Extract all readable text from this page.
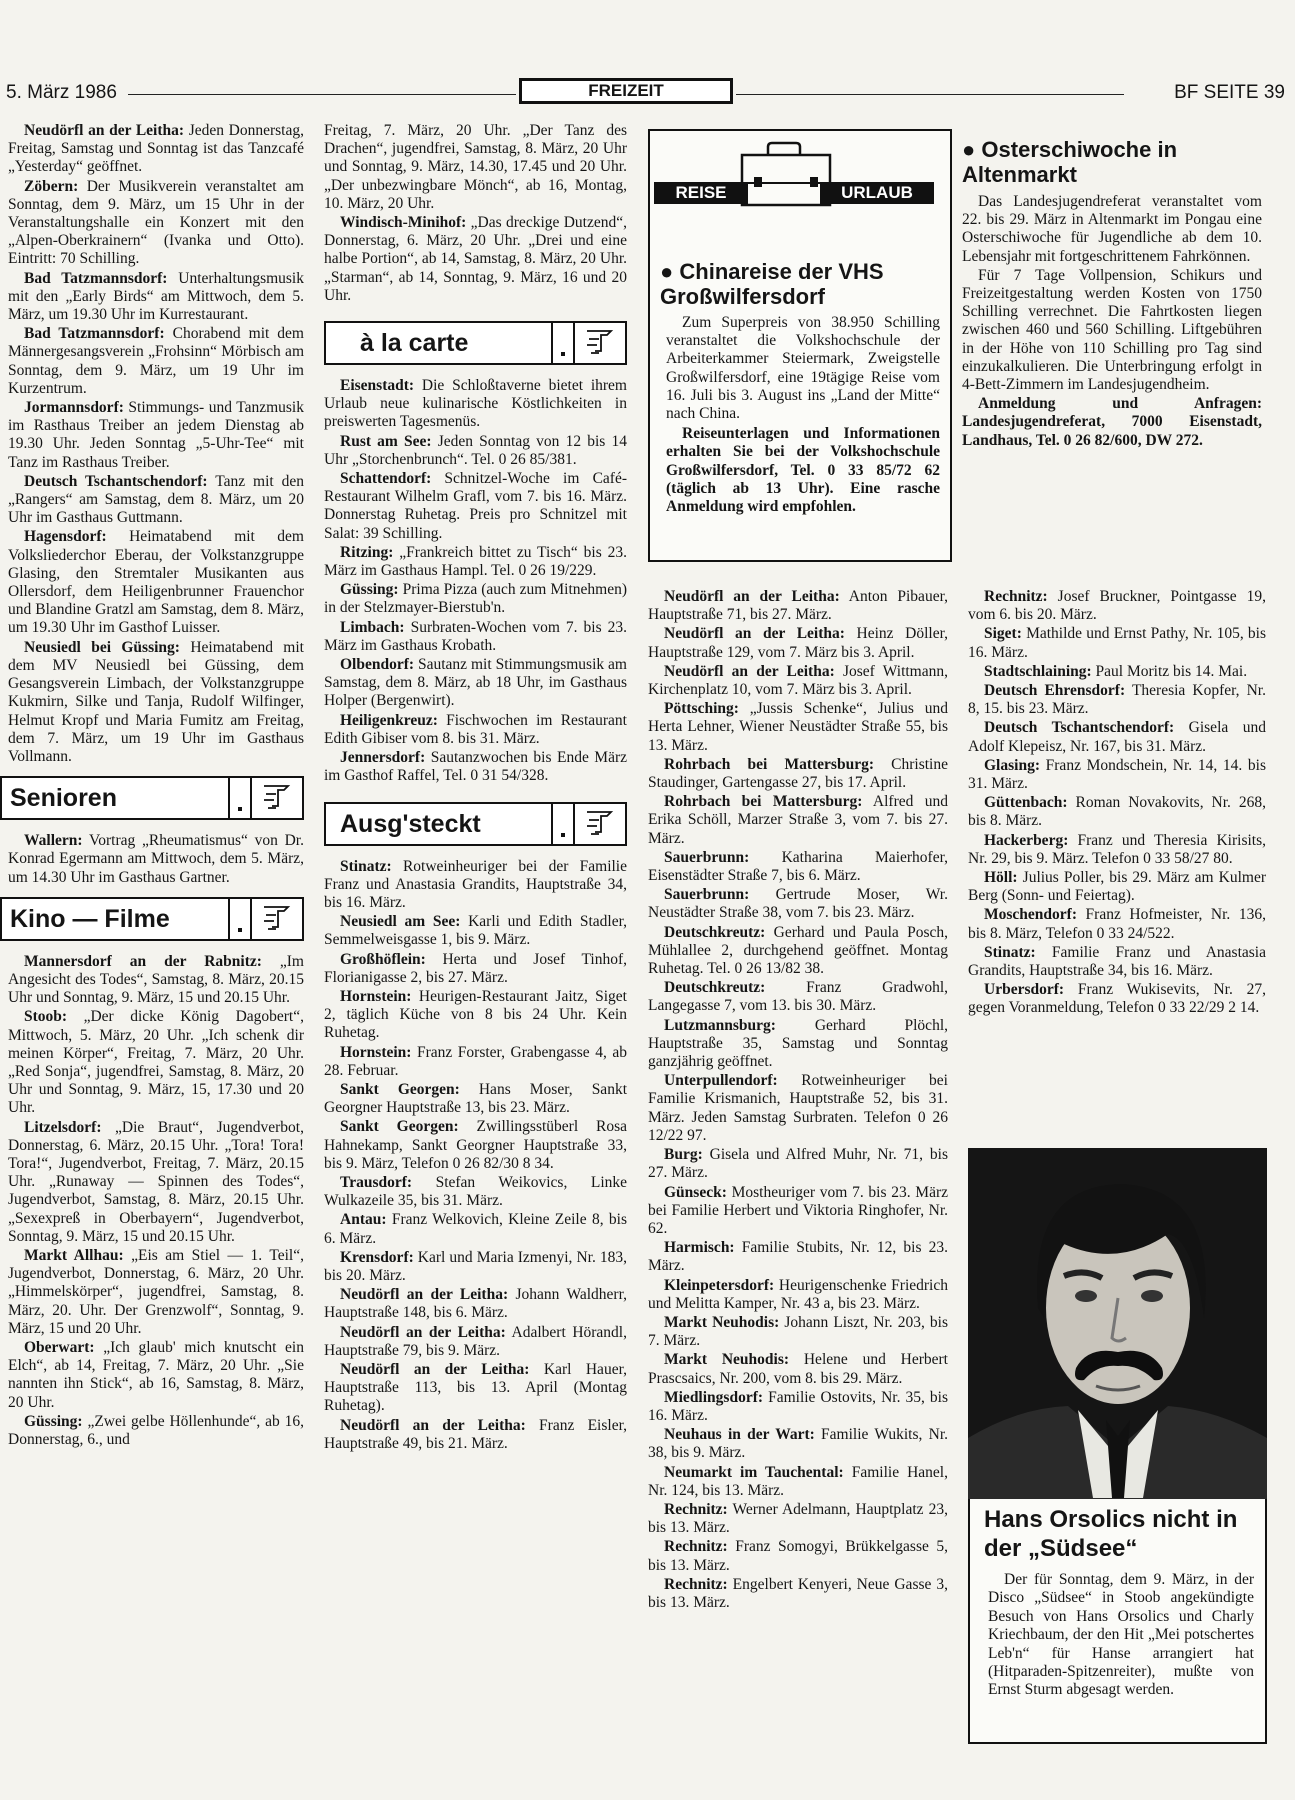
5. März 1986	FREIZEIT	BF SEITE 39

Neudörfl an der Leitha: Jeden Donnerstag, Freitag, Samstag und Sonntag ist das Tanzcafé „Yesterday“ geöffnet.

Zöbern: Der Musikverein veranstaltet am Sonntag, dem 9. März, um 15 Uhr in der Veranstaltungshalle ein Konzert mit den „Alpen-Oberkrainern“ (Ivanka und Otto). Eintritt: 70 Schilling.

Bad Tatzmannsdorf: Unterhaltungsmusik mit den „Early Birds“ am Mittwoch, dem 5. März, um 19.30 Uhr im Kurrestaurant.

Bad Tatzmannsdorf: Chorabend mit dem Männergesangsverein „Frohsinn“ Mörbisch am Sonntag, dem 9. März, um 19 Uhr im Kurzentrum.

Jormannsdorf: Stimmungs- und Tanzmusik im Rasthaus Treiber an jedem Dienstag ab 19.30 Uhr. Jeden Sonntag „5-Uhr-Tee“ mit Tanz im Rasthaus Treiber.

Deutsch Tschantschendorf: Tanz mit den „Rangers“ am Samstag, dem 8. März, um 20 Uhr im Gasthaus Guttmann.

Hagensdorf: Heimatabend mit dem Volksliederchor Eberau, der Volkstanzgruppe Glasing, den Stremtaler Musikanten aus Ollersdorf, dem Heiligenbrunner Frauenchor und Blandine Gratzl am Samstag, dem 8. März, um 19.30 Uhr im Gasthof Luisser.

Neusiedl bei Güssing: Heimatabend mit dem MV Neusiedl bei Güssing, dem Gesangsverein Limbach, der Volkstanzgruppe Kukmirn, Silke und Tanja, Rudolf Wilfinger, Helmut Kropf und Maria Fumitz am Freitag, dem 7. März, um 19 Uhr im Gasthaus Vollmann.

Senioren

Wallern: Vortrag „Rheumatismus“ von Dr. Konrad Egermann am Mittwoch, dem 5. März, um 14.30 Uhr im Gasthaus Gartner.

Kino — Filme

Mannersdorf an der Rabnitz: „Im Angesicht des Todes“, Samstag, 8. März, 20.15 Uhr und Sonntag, 9. März, 15 und 20.15 Uhr.

Stoob: „Der dicke König Dagobert“, Mittwoch, 5. März, 20 Uhr. „Ich schenk dir meinen Körper“, Freitag, 7. März, 20 Uhr. „Red Sonja“, jugendfrei, Samstag, 8. März, 20 Uhr und Sonntag, 9. März, 15, 17.30 und 20 Uhr.

Litzelsdorf: „Die Braut“, Jugendverbot, Donnerstag, 6. März, 20.15 Uhr. „Tora! Tora! Tora!“, Jugendverbot, Freitag, 7. März, 20.15 Uhr. „Runaway — Spinnen des Todes“, Jugendverbot, Samstag, 8. März, 20.15 Uhr. „Sexexpreß in Oberbayern“, Jugendverbot, Sonntag, 9. März, 15 und 20.15 Uhr.

Markt Allhau: „Eis am Stiel — 1. Teil“, Jugendverbot, Donnerstag, 6. März, 20 Uhr. „Himmelskörper“, jugendfrei, Samstag, 8. März, 20. Uhr. Der Grenzwolf“, Sonntag, 9. März, 15 und 20 Uhr.

Oberwart: „Ich glaub' mich knutscht ein Elch“, ab 14, Freitag, 7. März, 20 Uhr. „Sie nannten ihn Stick“, ab 16, Samstag, 8. März, 20 Uhr.

Güssing: „Zwei gelbe Höllenhunde“, ab 16, Donnerstag, 6., und

Freitag, 7. März, 20 Uhr. „Der Tanz des Drachen“, jugendfrei, Samstag, 8. März, 20 Uhr und Sonntag, 9. März, 14.30, 17.45 und 20 Uhr. „Der unbezwingbare Mönch“, ab 16, Montag, 10. März, 20 Uhr.

Windisch-Minihof: „Das dreckige Dutzend“, Donnerstag, 6. März, 20 Uhr. „Drei und eine halbe Portion“, ab 14, Samstag, 8. März, 20 Uhr. „Starman“, ab 14, Sonntag, 9. März, 16 und 20 Uhr.

à la carte

Eisenstadt: Die Schloßtaverne bietet ihrem Urlaub neue kulinarische Köstlichkeiten in preiswerten Tagesmenüs.

Rust am See: Jeden Sonntag von 12 bis 14 Uhr „Storchenbrunch“. Tel. 0 26 85/381.

Schattendorf: Schnitzel-Woche im Café-Restaurant Wilhelm Grafl, vom 7. bis 16. März. Donnerstag Ruhetag. Preis pro Schnitzel mit Salat: 39 Schilling.

Ritzing: „Frankreich bittet zu Tisch“ bis 23. März im Gasthaus Hampl. Tel. 0 26 19/229.

Güssing: Prima Pizza (auch zum Mitnehmen) in der Stelzmayer-Bierstub'n.

Limbach: Surbraten-Wochen vom 7. bis 23. März im Gasthaus Krobath.

Olbendorf: Sautanz mit Stimmungsmusik am Samstag, dem 8. März, ab 18 Uhr, im Gasthaus Holper (Bergenwirt).

Heiligenkreuz: Fischwochen im Restaurant Edith Gibiser vom 8. bis 31. März.

Jennersdorf: Sautanzwochen bis Ende März im Gasthof Raffel, Tel. 0 31 54/328.

Ausg'steckt

Stinatz: Rotweinheuriger bei der Familie Franz und Anastasia Grandits, Hauptstraße 34, bis 16. März.

Neusiedl am See: Karli und Edith Stadler, Semmelweisgasse 1, bis 9. März.

Großhöflein: Herta und Josef Tinhof, Florianigasse 2, bis 27. März.

Hornstein: Heurigen-Restaurant Jaitz, Siget 2, täglich Küche von 8 bis 24 Uhr. Kein Ruhetag.

Hornstein: Franz Forster, Grabengasse 4, ab 28. Februar.

Sankt Georgen: Hans Moser, Sankt Georgner Hauptstraße 13, bis 23. März.

Sankt Georgen: Zwillingsstüberl Rosa Hahnekamp, Sankt Georgner Hauptstraße 33, bis 9. März, Telefon 0 26 82/30 8 34.

Trausdorf: Stefan Weikovics, Linke Wulkazeile 35, bis 31. März.

Antau: Franz Welkovich, Kleine Zeile 8, bis 6. März.

Krensdorf: Karl und Maria Izmenyi, Nr. 183, bis 20. März.

Neudörfl an der Leitha: Johann Waldherr, Hauptstraße 148, bis 6. März.

Neudörfl an der Leitha: Adalbert Hörandl, Hauptstraße 79, bis 9. März.

Neudörfl an der Leitha: Karl Hauer, Hauptstraße 113, bis 13. April (Montag Ruhetag).

Neudörfl an der Leitha: Franz Eisler, Hauptstraße 49, bis 21. März.

REISE	URLAUB
● Chinareise der VHS Großwilfersdorf

Zum Superpreis von 38.950 Schilling veranstaltet die Volkshochschule der Arbeiterkammer Steiermark, Zweigstelle Großwilfersdorf, eine 19tägige Reise vom 16. Juli bis 3. August ins „Land der Mitte“ nach China.

Reiseunterlagen und Informationen erhalten Sie bei der Volkshochschule Großwilfersdorf, Tel. 0 33 85/72 62 (täglich ab 13 Uhr). Eine rasche Anmeldung wird empfohlen.

● Osterschiwoche in Altenmarkt

Das Landesjugendreferat veranstaltet vom 22. bis 29. März in Altenmarkt im Pongau eine Osterschiwoche für Jugendliche ab dem 10. Lebensjahr mit fortgeschrittenem Fahrkönnen.

Für 7 Tage Vollpension, Schikurs und Freizeitgestaltung werden Kosten von 1750 Schilling verrechnet. Die Fahrtkosten liegen zwischen 460 und 560 Schilling. Liftgebühren in der Höhe von 110 Schilling pro Tag sind einzukalkulieren. Die Unterbringung erfolgt in 4-Bett-Zimmern im Landesjugendheim.

Anmeldung und Anfragen: Landesjugendreferat, 7000 Eisenstadt, Landhaus, Tel. 0 26 82/600, DW 272.

Neudörfl an der Leitha: Anton Pibauer, Hauptstraße 71, bis 27. März.

Neudörfl an der Leitha: Heinz Döller, Hauptstraße 129, vom 7. März bis 3. April.

Neudörfl an der Leitha: Josef Wittmann, Kirchenplatz 10, vom 7. März bis 3. April.

Pöttsching: „Jussis Schenke“, Julius und Herta Lehner, Wiener Neustädter Straße 55, bis 13. März.

Rohrbach bei Mattersburg: Christine Staudinger, Gartengasse 27, bis 17. April.

Rohrbach bei Mattersburg: Alfred und Erika Schöll, Marzer Straße 3, vom 7. bis 27. März.

Sauerbrunn: Katharina Maierhofer, Eisenstädter Straße 7, bis 6. März.

Sauerbrunn: Gertrude Moser, Wr. Neustädter Straße 38, vom 7. bis 23. März.

Deutschkreutz: Gerhard und Paula Posch, Mühlallee 2, durchgehend geöffnet. Montag Ruhetag. Tel. 0 26 13/82 38.

Deutschkreutz: Franz Gradwohl, Langegasse 7, vom 13. bis 30. März.

Lutzmannsburg: Gerhard Plöchl, Hauptstraße 35, Samstag und Sonntag ganzjährig geöffnet.

Unterpullendorf: Rotweinheuriger bei Familie Krismanich, Hauptstraße 52, bis 31. März. Jeden Samstag Surbraten. Telefon 0 26 12/22 97.

Burg: Gisela und Alfred Muhr, Nr. 71, bis 27. März.

Günseck: Mostheuriger vom 7. bis 23. März bei Familie Herbert und Viktoria Ringhofer, Nr. 62.

Harmisch: Familie Stubits, Nr. 12, bis 23. März.

Kleinpetersdorf: Heurigenschenke Friedrich und Melitta Kamper, Nr. 43 a, bis 23. März.

Markt Neuhodis: Johann Liszt, Nr. 203, bis 7. März.

Markt Neuhodis: Helene und Herbert Prascsaics, Nr. 200, vom 8. bis 29. März.

Miedlingsdorf: Familie Ostovits, Nr. 35, bis 16. März.

Neuhaus in der Wart: Familie Wukits, Nr. 38, bis 9. März.

Neumarkt im Tauchental: Familie Hanel, Nr. 124, bis 13. März.

Rechnitz: Werner Adelmann, Hauptplatz 23, bis 13. März.

Rechnitz: Franz Somogyi, Brükkelgasse 5, bis 13. März.

Rechnitz: Engelbert Kenyeri, Neue Gasse 3, bis 13. März.

Rechnitz: Josef Bruckner, Pointgasse 19, vom 6. bis 20. März.

Siget: Mathilde und Ernst Pathy, Nr. 105, bis 16. März.

Stadtschlaining: Paul Moritz bis 14. Mai.

Deutsch Ehrensdorf: Theresia Kopfer, Nr. 8, 15. bis 23. März.

Deutsch Tschantschendorf: Gisela und Adolf Klepeisz, Nr. 167, bis 31. März.

Glasing: Franz Mondschein, Nr. 14, 14. bis 31. März.

Güttenbach: Roman Novakovits, Nr. 268, bis 8. März.

Hackerberg: Franz und Theresia Kirisits, Nr. 29, bis 9. März. Telefon 0 33 58/27 80.

Höll: Julius Poller, bis 29. März am Kulmer Berg (Sonn- und Feiertag).

Moschendorf: Franz Hofmeister, Nr. 136, bis 8. März, Telefon 0 33 24/522.

Stinatz: Familie Franz und Anastasia Grandits, Hauptstraße 34, bis 16. März.

Urbersdorf: Franz Wukisevits, Nr. 27, gegen Voranmeldung, Telefon 0 33 22/29 2 14.

Hans Orsolics nicht in der „Südsee“
Der für Sonntag, dem 9. März, in der Disco „Südsee“ in Stoob angekündigte Besuch von Hans Orsolics und Charly Kriechbaum, der den Hit „Mei potschertes Leb'n“ für Hanse arrangiert hat (Hitparaden-Spitzenreiter), mußte von Ernst Sturm abgesagt werden.
